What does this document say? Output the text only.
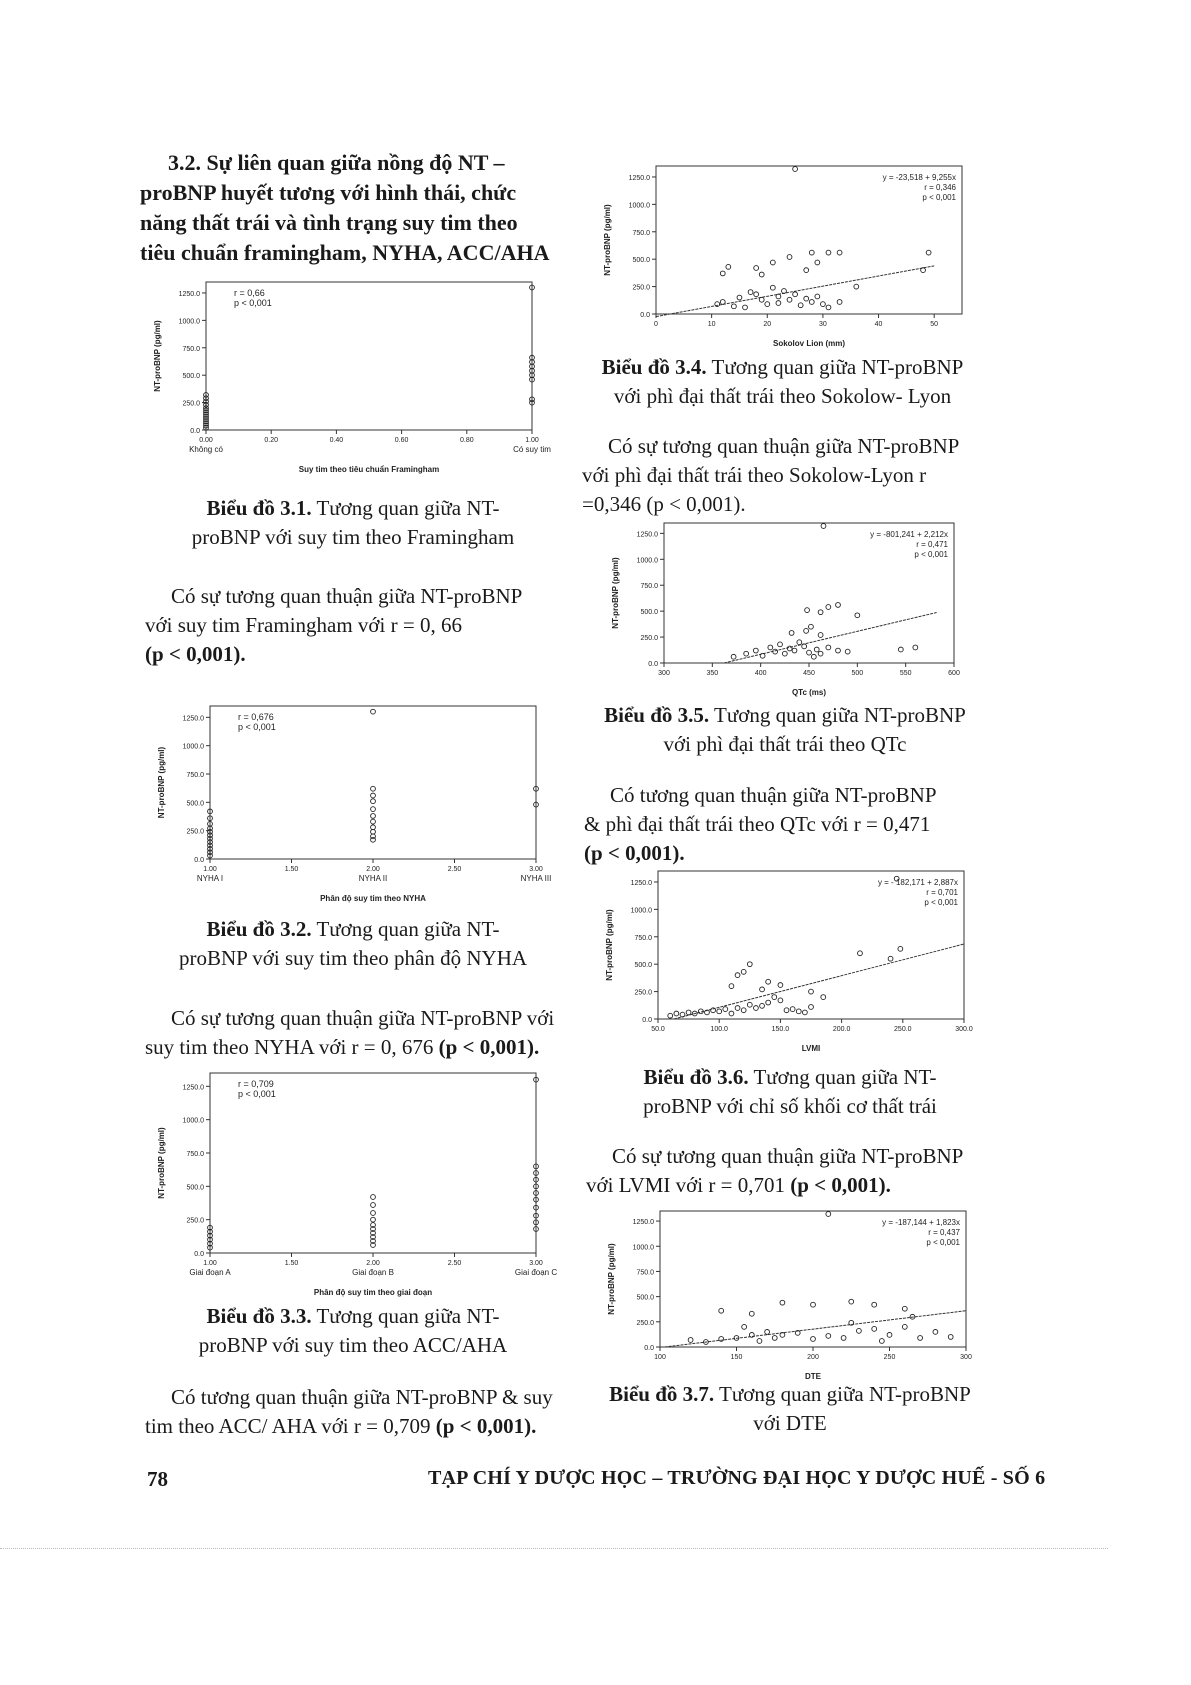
3.2. Sự liên quan giữa nồng độ NT –
proBNP huyết tương với hình thái, chức
năng thất trái và tình trạng suy tim theo
tiêu chuẩn framingham, NYHA, ACC/AHA
0.0
250.0
500.0
750.0
1000.0
1250.0
0.00	0.20	0.40	0.60	0.80	1.00
Không có	Có suy tim
Suy tim theo tiêu chuẩn Framingham
NT-proBNP (pg/ml)
r = 0,66
p < 0,001
0.0
250.0
500.0
750.0
1000.0
1250.0
1.00	1.50	2.00	2.50	3.00
NYHA I	NYHA II	NYHA III
Phân độ suy tim theo NYHA
NT-proBNP (pg/ml)
r = 0,676
p < 0,001
0.0
250.0
500.0
750.0
1000.0
1250.0
1.00	1.50	2.00	2.50	3.00
Giai đoạn A	Giai đoạn B	Giai đoạn C
Phân độ suy tim theo giai đoạn
NT-proBNP (pg/ml)
r = 0,709
p < 0,001
0.0
250.0
500.0
750.0
1000.0
1250.0
0	10	20	30	40	50
Sokolov Lion (mm)
NT-proBNP (pg/ml)
y = -23,518 + 9,255x
r = 0,346
p < 0,001
0.0
250.0
500.0
750.0
1000.0
1250.0
300	350	400	450	500	550	600
QTc (ms)
NT-proBNP (pg/ml)
y = -801,241 + 2,212x
r = 0,471
p < 0,001
0.0
250.0
500.0
750.0
1000.0
1250.0
50.0	100.0	150.0	200.0	250.0	300.0
LVMI
NT-proBNP (pg/ml)
y = - 182,171 + 2,887x
r = 0,701
p < 0,001
0.0
250.0
500.0
750.0
1000.0
1250.0
100	150	200	250	300
DTE
NT-proBNP (pg/ml)
y = -187,144 + 1,823x
r = 0,437
p < 0,001
Biểu đồ 3.1. Tương quan giữa NT-
proBNP với suy tim theo Framingham
Có sự tương quan thuận giữa NT-proBNP
với suy tim Framingham với r = 0, 66
(p < 0,001).
Biểu đồ 3.2. Tương quan giữa NT-
proBNP với suy tim theo phân độ NYHA
Có sự tương quan thuận giữa NT-proBNP với
suy tim theo NYHA với r = 0, 676 (p < 0,001).
Biểu đồ 3.3. Tương quan giữa NT-
proBNP với suy tim theo ACC/AHA
Có tương quan thuận giữa NT-proBNP & suy
tim theo ACC/ AHA với r = 0,709 (p < 0,001).
Biểu đồ 3.4. Tương quan giữa NT-proBNP
với phì đại thất trái theo Sokolow- Lyon
Có sự tương quan thuận giữa NT-proBNP
với phì đại thất trái theo Sokolow-Lyon r
=0,346 (p < 0,001).
Biểu đồ 3.5. Tương quan giữa NT-proBNP
với phì đại thất trái theo QTc
Có tương quan thuận giữa NT-proBNP
& phì đại thất trái theo QTc với r = 0,471
(p < 0,001).
Biểu đồ 3.6. Tương quan giữa NT-
proBNP với chỉ số khối cơ thất trái
Có sự tương quan thuận giữa NT-proBNP
với LVMI với r = 0,701 (p < 0,001).
Biểu đồ 3.7. Tương quan giữa NT-proBNP
với DTE
78	TẠP CHÍ Y DƯỢC HỌC – TRƯỜNG ĐẠI HỌC Y DƯỢC HUẾ - SỐ 6
